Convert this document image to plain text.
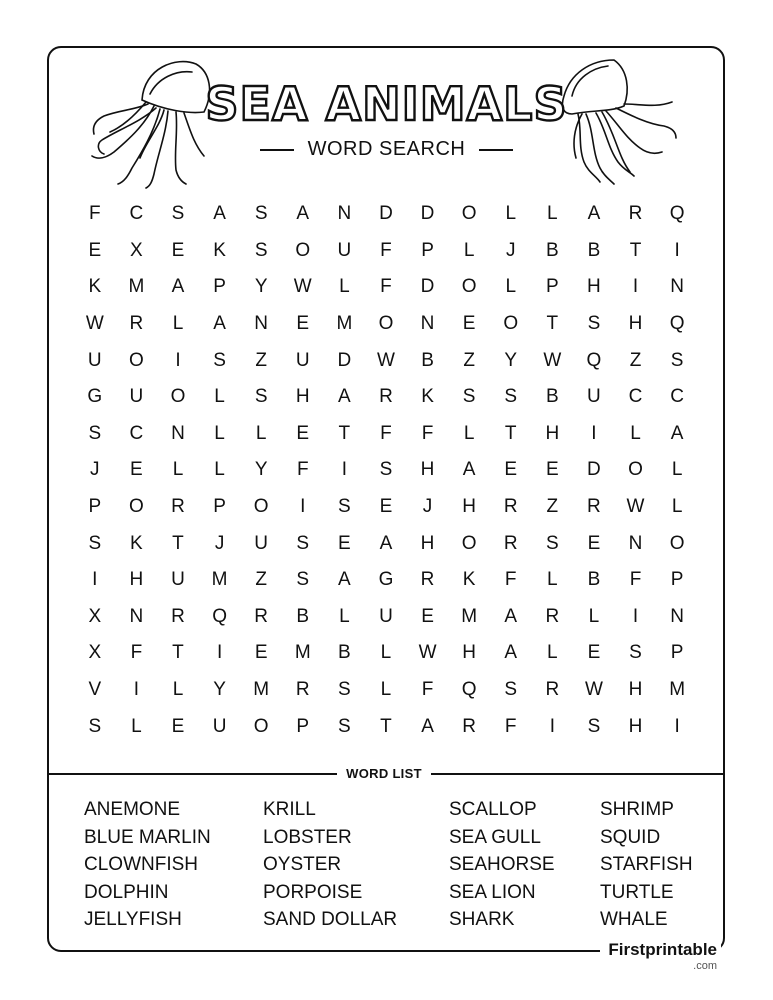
SEA ANIMALS
WORD SEARCH
F	C	S	A	S	A	N	D	D	O	L	L	A	R	Q
E	X	E	K	S	O	U	F	P	L	J	B	B	T	I
K	M	A	P	Y	W	L	F	D	O	L	P	H	I	N
W	R	L	A	N	E	M	O	N	E	O	T	S	H	Q
U	O	I	S	Z	U	D	W	B	Z	Y	W	Q	Z	S
G	U	O	L	S	H	A	R	K	S	S	B	U	C	C
S	C	N	L	L	E	T	F	F	L	T	H	I	L	A
J	E	L	L	Y	F	I	S	H	A	E	E	D	O	L
P	O	R	P	O	I	S	E	J	H	R	Z	R	W	L
S	K	T	J	U	S	E	A	H	O	R	S	E	N	O
I	H	U	M	Z	S	A	G	R	K	F	L	B	F	P
X	N	R	Q	R	B	L	U	E	M	A	R	L	I	N
X	F	T	I	E	M	B	L	W	H	A	L	E	S	P
V	I	L	Y	M	R	S	L	F	Q	S	R	W	H	M
S	L	E	U	O	P	S	T	A	R	F	I	S	H	I
WORD LIST
ANEMONE
BLUE MARLIN
CLOWNFISH
DOLPHIN
JELLYFISH
KRILL
LOBSTER
OYSTER
PORPOISE
SAND DOLLAR
SCALLOP
SEA GULL
SEAHORSE
SEA LION
SHARK
SHRIMP
SQUID
STARFISH
TURTLE
WHALE
Firstprintable
.com
